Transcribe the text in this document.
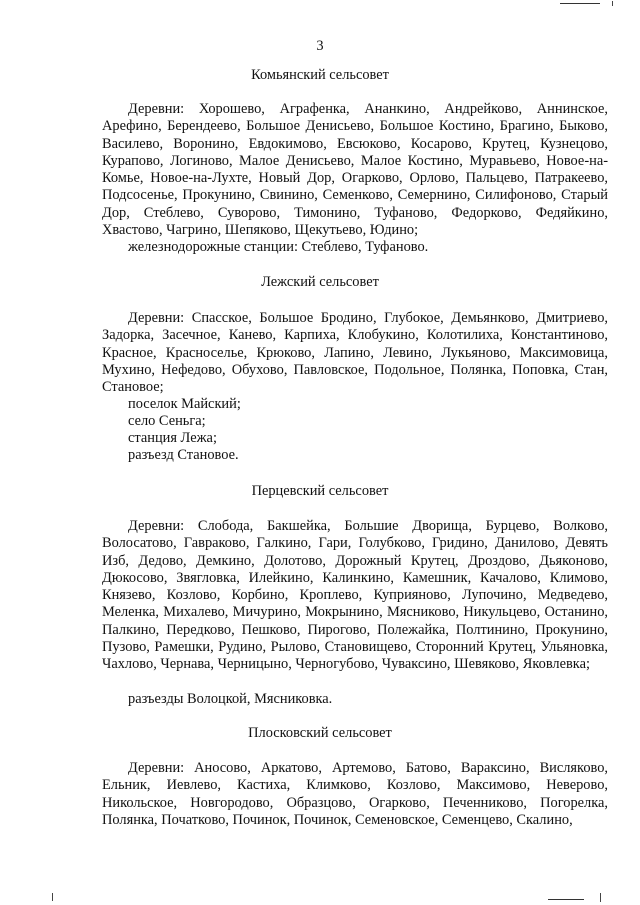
3
Комьянский сельсовет

Деревни: Хорошево, Аграфенка, Ананкино, Андрейково, Аннинское, Арефино, Берендеево, Большое Денисьево, Большое Костино, Брагино, Быково, Василево, Воронино, Евдокимово, Евсюково, Косарово, Крутец, Кузнецово, Курапово, Логиново, Малое Денисьево, Малое Костино, Муравьево, Новое-на-Комье, Новое-на-Лухте, Новый Дор, Огарково, Орлово, Пальцево, Патракеево, Подсосенье, Прокунино, Свинино, Семенково, Семернино, Силифоново, Старый Дор, Стеблево, Суворово, Тимонино, Туфаново, Федорково, Федяйкино, Хвастово, Чагрино, Шепяково, Щекутьево, Юдино;

железнодорожные станции: Стеблево, Туфаново.
Лежский сельсовет

Деревни: Спасское, Большое Бродино, Глубокое, Демьянково, Дмитриево, Задорка, Засечное, Канево, Карпиха, Клобукино, Колотилиха, Константиново, Красное, Красноселье, Крюково, Лапино, Левино, Лукьяново, Максимовица, Мухино, Нефедово, Обухово, Павловское, Подольное, Полянка, Поповка, Стан, Становое;

поселок Майский;
село Сеньга;
станция Лежа;
разъезд Становое.
Перцевский сельсовет

Деревни: Слобода, Бакшейка, Большие Дворища, Бурцево, Волково, Волосатово, Гавраково, Галкино, Гари, Голубково, Гридино, Данилово, Девять Изб, Дедово, Демкино, Долотово, Дорожный Крутец, Дроздово, Дьяконово, Дюкосово, Звягловка, Илейкино, Калинкино, Камешник, Качалово, Климово, Князево, Козлово, Корбино, Кроплево, Куприяново, Лупочино, Медведево, Меленка, Михалево, Мичурино, Мокрынино, Мясниково, Никульцево, Останино, Палкино, Передково, Пешково, Пирогово, Полежайка, Полтинино, Прокунино, Пузово, Рамешки, Рудино, Рылово, Становищево, Сторонний Крутец, Ульяновка, Чахлово, Чернава, Черницыно, Черногубово, Чуваксино, Шевяково, Яковлевка;

разъезды Волоцкой, Мясниковка.
Плосковский сельсовет

Деревни: Аносово, Аркатово, Артемово, Батово, Вараксино, Висляково, Ельник, Иевлево, Кастиха, Климково, Козлово, Максимово, Неверово, Никольское, Новгородово, Образцово, Огарково, Печенниково, Погорелка, Полянка, Початково, Починок, Починок, Семеновское, Семенцево, Скалино,
